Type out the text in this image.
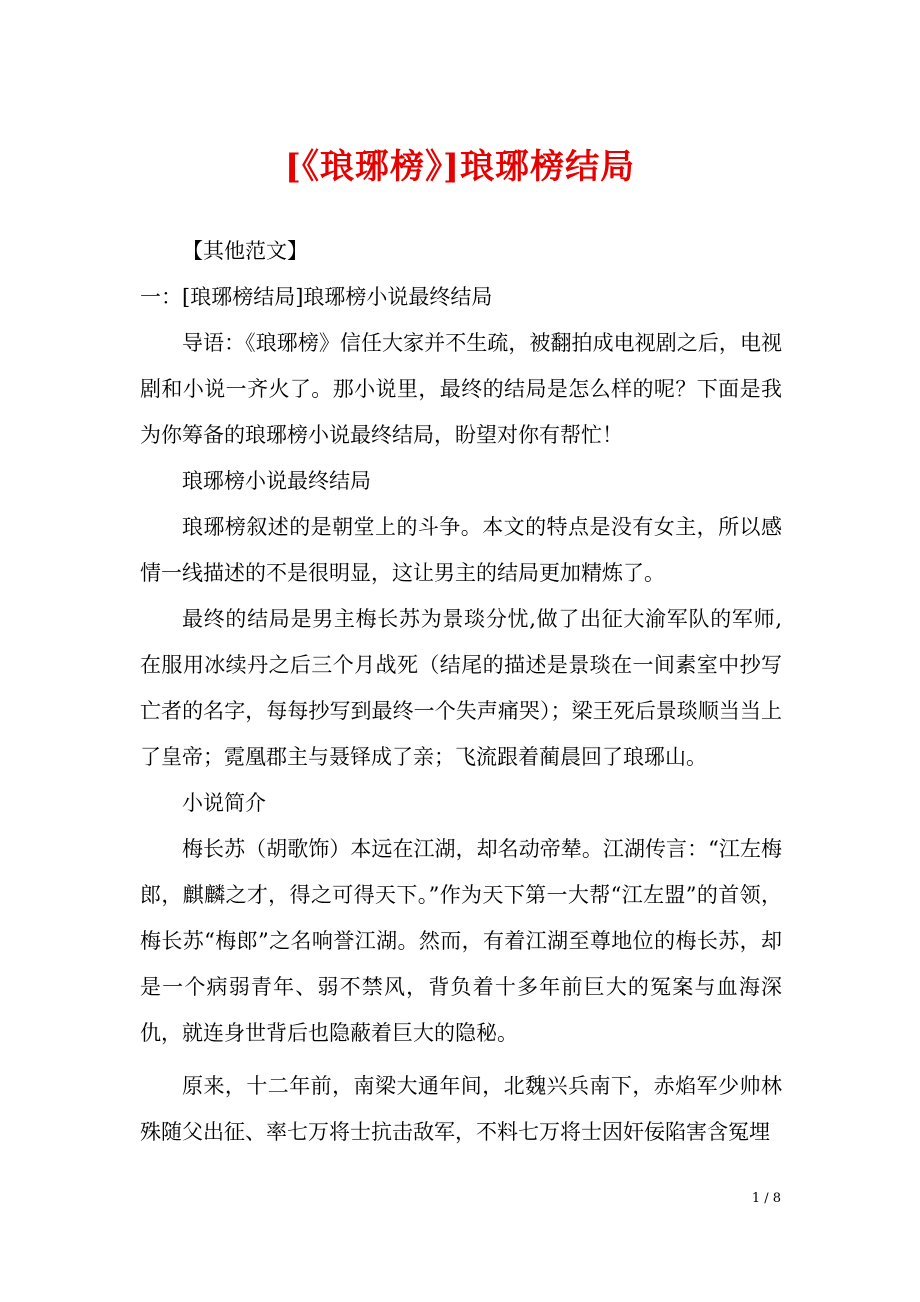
[《琅琊榜》]琅琊榜结局

【其他范文】

一：[琅琊榜结局]琅琊榜小说最终结局

导语：《琅琊榜》信任大家并不生疏，被翻拍成电视剧之后，电视剧和小说一齐火了。那小说里，最终的结局是怎么样的呢？下面是我为你筹备的琅琊榜小说最终结局，盼望对你有帮忙！

琅琊榜小说最终结局

琅琊榜叙述的是朝堂上的斗争。本文的特点是没有女主，所以感情一线描述的不是很明显，这让男主的结局更加精炼了。

最终的结局是男主梅长苏为景琰分忧,做了出征大渝军队的军师,在服用冰续丹之后三个月战死（结尾的描述是景琰在一间素室中抄写亡者的名字，每每抄写到最终一个失声痛哭）；梁王死后景琰顺当当上了皇帝；霓凰郡主与聂铎成了亲；飞流跟着蔺晨回了琅琊山。

小说简介

梅长苏（胡歌饰）本远在江湖，却名动帝辇。江湖传言：“江左梅郎，麒麟之才，得之可得天下。”作为天下第一大帮“江左盟”的首领，梅长苏“梅郎”之名响誉江湖。然而，有着江湖至尊地位的梅长苏，却是一个病弱青年、弱不禁风，背负着十多年前巨大的冤案与血海深仇，就连身世背后也隐蔽着巨大的隐秘。

原来，十二年前，南梁大通年间，北魏兴兵南下，赤焰军少帅林殊随父出征、率七万将士抗击敌军，不料七万将士因奸佞陷害含冤埋

1 / 8
